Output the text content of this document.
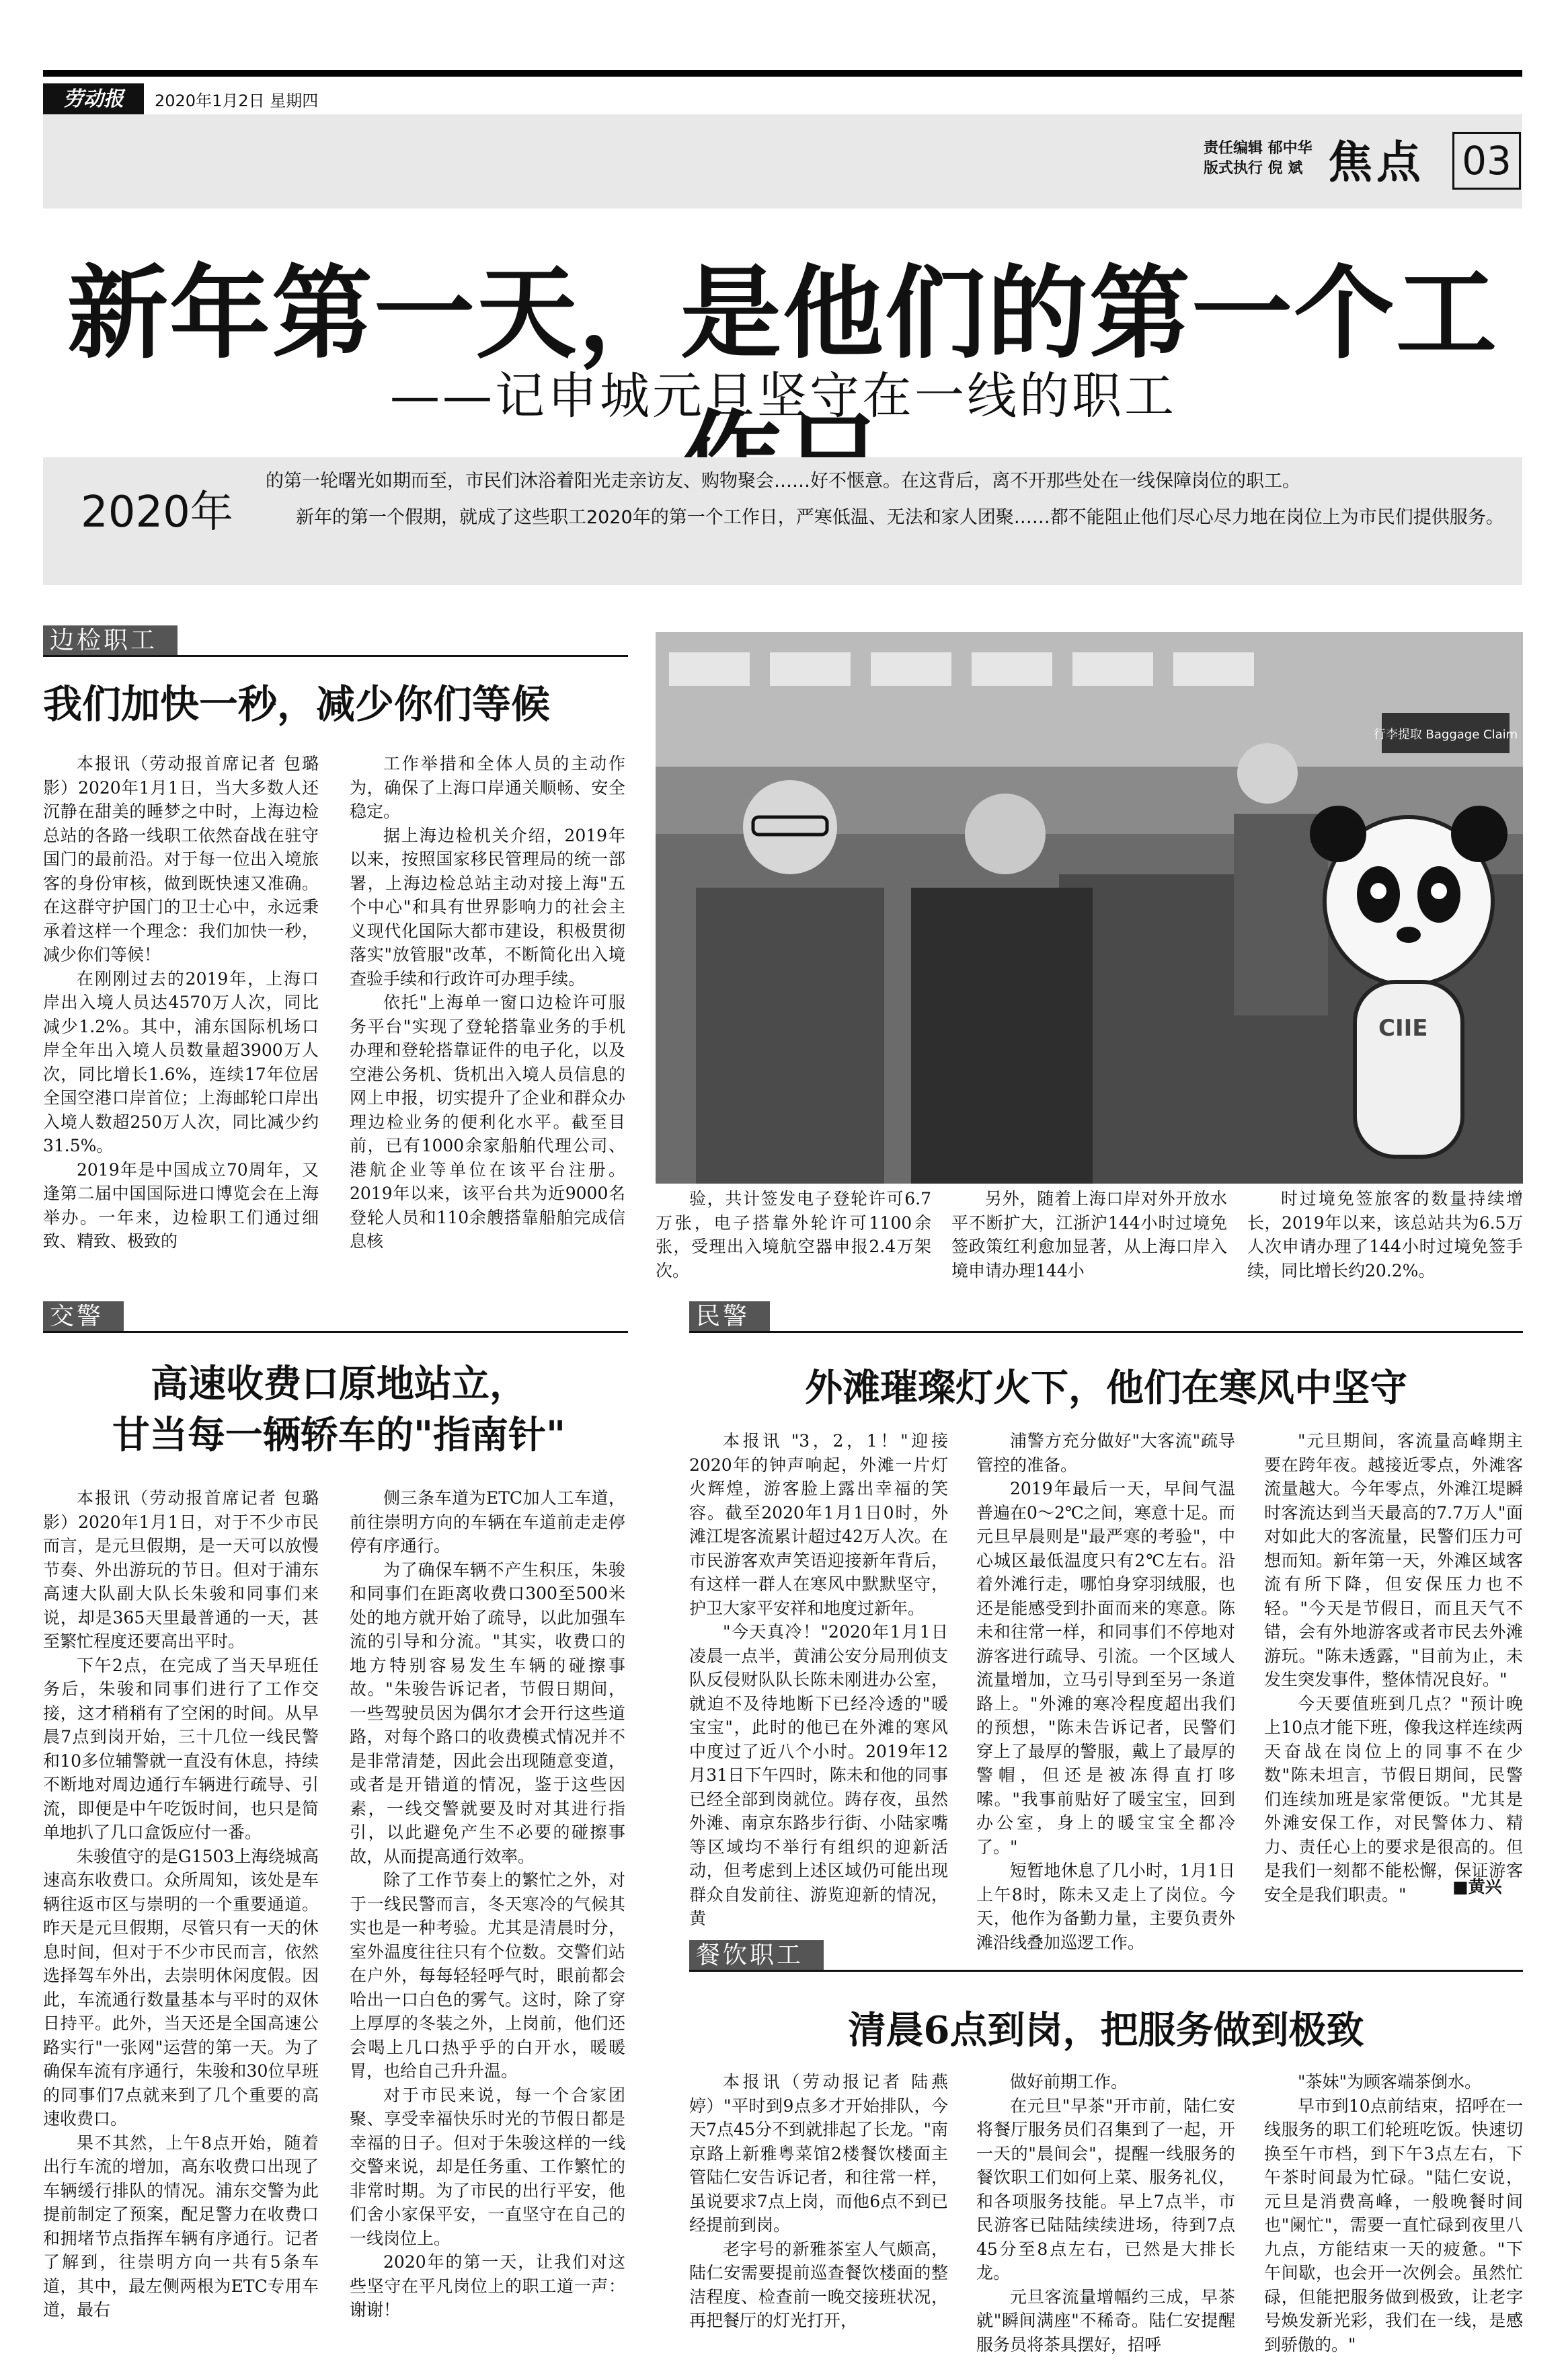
劳动报	2020年1月2日 星期四
责任编辑 郁中华
版式执行 倪 斌 焦点 03
新年第一天，是他们的第一个工
——记申城元旦坚守在一线的职工
2020年
的第一轮曙光如期而至，市民们沐浴着阳光走亲访友、购物聚会……好不惬意。在这背后，离不开那些处在一线保障岗位的职工。
新年的第一个假期，就成了这些职工2020年的第一个工作日，严寒低温、无法和家人团聚……都不能阻止他们尽心尽力地在岗位上为市民们提供服务。
边检职工
我们加快一秒，减少你们等候

本报讯（劳动报首席记者 包璐影）2020年1月1日，当大多数人还沉静在甜美的睡梦之中时，上海边检总站的各路一线职工依然奋战在驻守国门的最前沿。对于每一位出入境旅客的身份审核，做到既快速又准确。在这群守护国门的卫士心中，永远秉承着这样一个理念：我们加快一秒，减少你们等候！

在刚刚过去的2019年，上海口岸出入境人员达4570万人次，同比减少1.2%。其中，浦东国际机场口岸全年出入境人员数量超3900万人次，同比增长1.6%，连续17年位居全国空港口岸首位；上海邮轮口岸出入境人数超250万人次，同比减少约31.5%。

2019年是中国成立70周年，又逢第二届中国国际进口博览会在上海举办。一年来，边检职工们通过细致、精致、极致的

工作举措和全体人员的主动作为，确保了上海口岸通关顺畅、安全稳定。

据上海边检机关介绍，2019年以来，按照国家移民管理局的统一部署，上海边检总站主动对接上海"五个中心"和具有世界影响力的社会主义现代化国际大都市建设，积极贯彻落实"放管服"改革，不断简化出入境查验手续和行政许可办理手续。

依托"上海单一窗口边检许可服务平台"实现了登轮搭靠业务的手机办理和登轮搭靠证件的电子化，以及空港公务机、货机出入境人员信息的网上申报，切实提升了企业和群众办理边检业务的便利化水平。截至目前，已有1000余家船舶代理公司、港航企业等单位在该平台注册。2019年以来，该平台共为近9000名登轮人员和110余艘搭靠船舶完成信息核

行李提取 Baggage Claim
CIIE

验，共计签发电子登轮许可6.7万张，电子搭靠外轮许可1100余张，受理出入境航空器申报2.4万架次。

另外，随着上海口岸对外开放水平不断扩大，江浙沪144小时过境免签政策红利愈加显著，从上海口岸入境申请办理144小

时过境免签旅客的数量持续增长，2019年以来，该总站共为6.5万人次申请办理了144小时过境免签手续，同比增长约20.2%。

交警
高速收费口原地站立，
甘当每一辆轿车的"指南针"

本报讯（劳动报首席记者 包璐影）2020年1月1日，对于不少市民而言，是元旦假期，是一天可以放慢节奏、外出游玩的节日。但对于浦东高速大队副大队长朱骏和同事们来说，却是365天里最普通的一天，甚至繁忙程度还要高出平时。

下午2点，在完成了当天早班任务后，朱骏和同事们进行了工作交接，这才稍稍有了空闲的时间。从早晨7点到岗开始，三十几位一线民警和10多位辅警就一直没有休息，持续不断地对周边通行车辆进行疏导、引流，即便是中午吃饭时间，也只是简单地扒了几口盒饭应付一番。

朱骏值守的是G1503上海绕城高速高东收费口。众所周知，该处是车辆往返市区与崇明的一个重要通道。昨天是元旦假期，尽管只有一天的休息时间，但对于不少市民而言，依然选择驾车外出，去崇明休闲度假。因此，车流通行数量基本与平时的双休日持平。此外，当天还是全国高速公路实行"一张网"运营的第一天。为了确保车流有序通行，朱骏和30位早班的同事们7点就来到了几个重要的高速收费口。

果不其然，上午8点开始，随着出行车流的增加，高东收费口出现了车辆缓行排队的情况。浦东交警为此提前制定了预案，配足警力在收费口和拥堵节点指挥车辆有序通行。记者了解到，往崇明方向一共有5条车道，其中，最左侧两根为ETC专用车道，最右

侧三条车道为ETC加人工车道，前往崇明方向的车辆在车道前走走停停有序通行。

为了确保车辆不产生积压，朱骏和同事们在距离收费口300至500米处的地方就开始了疏导，以此加强车流的引导和分流。"其实，收费口的地方特别容易发生车辆的碰擦事故。"朱骏告诉记者，节假日期间，一些驾驶员因为偶尔才会开行这些道路，对每个路口的收费模式情况并不是非常清楚，因此会出现随意变道，或者是开错道的情况，鉴于这些因素，一线交警就要及时对其进行指引，以此避免产生不必要的碰擦事故，从而提高通行效率。

除了工作节奏上的繁忙之外，对于一线民警而言，冬天寒冷的气候其实也是一种考验。尤其是清晨时分，室外温度往往只有个位数。交警们站在户外，每每轻轻呼气时，眼前都会哈出一口白色的雾气。这时，除了穿上厚厚的冬装之外，上岗前，他们还会喝上几口热乎乎的白开水，暖暖胃，也给自己升升温。

对于市民来说，每一个合家团聚、享受幸福快乐时光的节假日都是幸福的日子。但对于朱骏这样的一线交警来说，却是任务重、工作繁忙的非常时期。为了市民的出行平安，他们舍小家保平安，一直坚守在自己的一线岗位上。

2020年的第一天，让我们对这些坚守在平凡岗位上的职工道一声：谢谢！

民警
外滩璀璨灯火下，他们在寒风中坚守

本报讯 "3，2，1！"迎接2020年的钟声响起，外滩一片灯火辉煌，游客脸上露出幸福的笑容。截至2020年1月1日0时，外滩江堤客流累计超过42万人次。在市民游客欢声笑语迎接新年背后，有这样一群人在寒风中默默坚守，护卫大家平安祥和地度过新年。

"今天真冷！"2020年1月1日凌晨一点半，黄浦公安分局刑侦支队反侵财队队长陈未刚进办公室，就迫不及待地断下已经冷透的"暖宝宝"，此时的他已在外滩的寒风中度过了近八个小时。2019年12月31日下午四时，陈未和他的同事已经全部到岗就位。踌存夜，虽然外滩、南京东路步行街、小陆家嘴等区域均不举行有组织的迎新活动，但考虑到上述区域仍可能出现群众自发前往、游览迎新的情况，黄

浦警方充分做好"大客流"疏导管控的准备。

2019年最后一天，早间气温普遍在0～2℃之间，寒意十足。而元旦早晨则是"最严寒的考验"，中心城区最低温度只有2℃左右。沿着外滩行走，哪怕身穿羽绒服，也还是能感受到扑面而来的寒意。陈未和往常一样，和同事们不停地对游客进行疏导、引流。一个区域人流量增加，立马引导到至另一条道路上。"外滩的寒冷程度超出我们的预想，"陈未告诉记者，民警们穿上了最厚的警服，戴上了最厚的警帽，但还是被冻得直打哆嗦。"我事前贴好了暖宝宝，回到办公室，身上的暖宝宝全都冷了。"

短暂地休息了几小时，1月1日上午8时，陈未又走上了岗位。今天，他作为备勤力量，主要负责外滩沿线叠加巡逻工作。

"元旦期间，客流量高峰期主要在跨年夜。越接近零点，外滩客流量越大。今年零点，外滩江堤瞬时客流达到当天最高的7.7万人"面对如此大的客流量，民警们压力可想而知。新年第一天，外滩区域客流有所下降，但安保压力也不轻。"今天是节假日，而且天气不错，会有外地游客或者市民去外滩游玩。"陈未透露，"目前为止，未发生突发事件，整体情况良好。"

今天要值班到几点？"预计晚上10点才能下班，像我这样连续两天奋战在岗位上的同事不在少数"陈未坦言，节假日期间，民警们连续加班是家常便饭。"尤其是外滩安保工作，对民警体力、精力、责任心上的要求是很高的。但是我们一刻都不能松懈，保证游客安全是我们职责。"	■黄兴
餐饮职工
清晨6点到岗，把服务做到极致

本报讯（劳动报记者 陆燕婷）"平时到9点多才开始排队，今天7点45分不到就排起了长龙。"南京路上新雅粤菜馆2楼餐饮楼面主管陆仁安告诉记者，和往常一样，虽说要求7点上岗，而他6点不到已经提前到岗。

老字号的新雅茶室人气颇高，陆仁安需要提前巡查餐饮楼面的整洁程度、检查前一晚交接班状况，再把餐厅的灯光打开，

做好前期工作。

在元旦"早茶"开市前，陆仁安将餐厅服务员们召集到了一起，开一天的"晨间会"，提醒一线服务的餐饮职工们如何上菜、服务礼仪，和各项服务技能。早上7点半，市民游客已陆陆续续进场，待到7点45分至8点左右，已然是大排长龙。

元旦客流量增幅约三成，早茶就"瞬间满座"不稀奇。陆仁安提醒服务员将茶具摆好，招呼

"茶妹"为顾客端茶倒水。

早市到10点前结束，招呼在一线服务的职工们轮班吃饭。快速切换至午市档，到下午3点左右，下午茶时间最为忙碌。"陆仁安说，元旦是消费高峰，一般晚餐时间也"阑忙"，需要一直忙碌到夜里八九点，方能结束一天的疲惫。"下午间歇，也会开一次例会。虽然忙碌，但能把服务做到极致，让老字号焕发新光彩，我们在一线，是感到骄傲的。"
